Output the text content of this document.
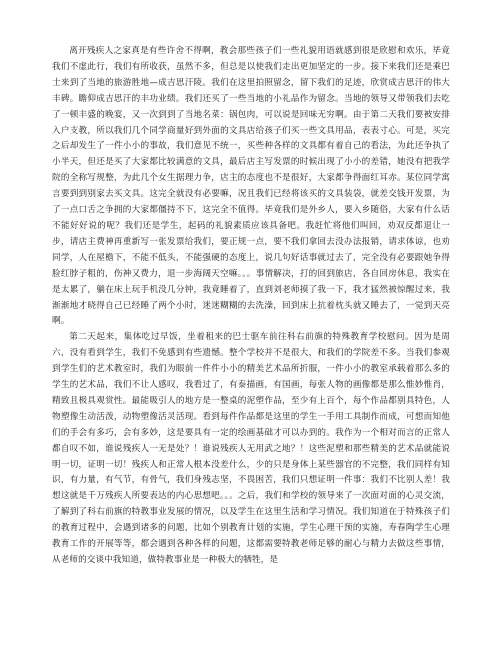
离开残疾人之家真是有些许舍不得啊，教会那些孩子们一些礼貌用语就感到很是欣慰和欢乐，毕竟我们不虚此行，我们有所收获，虽然不多，但总是以使我们走出更加坚定的一步。接下来我们还是乘巴士来到了当地的旅游胜地—成吉思汗陵。我们在这里拍照留念，留下我们的足迹，欣赏成吉思汗的伟大丰碑。瞻仰成吉思汗的丰功业绩。我们还买了一些当地的小礼品作为留念。当地的领导又带领我们去吃了一顿丰盛的晚宴，又一次到到了当地名菜：锅包肉，可以说是回味无穷啊。由于第二天我们要被安排入户支教，所以我们几个同学商量好到外面的文具店给孩子们买一些文具用品，表表寸心。可是，买完之后却发生了一件小小的事故，我们意见不统一，买些种各样的文具都有着自己的看法，为此还争执了小半天，但还是买了大家都比较满意的文具，最后店主写发票的时候出现了小小的差错，她没有把我学院的全称写规整，为此几个女生据理力争，店主的态度也不是很好，大家都争得面红耳赤。某位同学寓言要到到别家去买文具。这完全就没有必要嘛，况且我们已经将该买的文具装袋，就差交钱开发票，为了一点口舌之争拥的大家都僵持不下，这完全不值得。毕竟我们是外乡人，要入乡随俗，大家有什么话不能好好说的呢？我们还是学生，起码的礼貌素质应该具备吧。我赶忙将他们叫回，劝双反都退让一步，请店主费神再重新写一张发票给我们，要正规一点，要不我们拿回去没办法报销，请求体谅，也劝同学，人在屋檐下，不能不低头，不能强硬的态度上，说几句好话事就过去了，完全没有必要跟她争得脸红脖子粗的，伤神又费力，退一步海阔天空嘛。。。事情解决，打的回到旅店，各自回房休息，我实在是太累了，躺在床上玩手机没几分钟，我竟睡着了，直到刘老师摸了我一下，我才猛然被惊醒过来，我渐渐地才晓得自己已经睡了两个小时，迷迷糊糊的去洗澡，回到床上抗着枕头就又睡去了，一觉到天亮啊。

第二天起来，集体吃过早饭，坐着租来的巴士驱车前往科右前旗的特殊教育学校慰问。因为是周六，没有看到学生，我们不免感到有些遗憾。整个学校并不是很大，和我们的学院差不多。当我们参观到学生们的艺术教室时，我们为眼前一件件小小的精美艺术品所折服，一件小小的教室承载着那么多的学生的艺术品，我们不让人感叹，我看过了，有泰描画，有国画，每张人物的画像都是那么惟妙惟肖，精致且极具观赏性。最能吸引人的地方是一整桌的泥塑作品，至少有上百个，每个作品都别具特色，人物塑像生动活泼，动物塑像活灵活现。看到每件作品都是这里的学生一手用工具制作而成，可想而知他们的手会有多巧，会有多妙，这是要具有一定的绘画基础才可以办到的。我作为一个相对而言的正常人都自叹不如，谁说残疾人一无是处？！谁说残疾人无用武之地？！这些泥塑和那些精美的艺术品就能说明一切，证明一切！残疾人和正常人根本没差什么，少的只是身体上某些器官的不完整，我们同样有知识，有力量，有气节，有骨气，我们身残志坚，不畏困苦，我们只想证明一件事：我们不比别人差！我想这就是千万残疾人所要表达的内心思想吧。。。之后，我们和学校的领导来了一次面对面的心灵交流，了解到了科右前旗的特教事业发展的情况，以及学生在这里生活和学习情况。我们知道在于特殊孩子们的教育过程中，会遇到诸多的问题，比如个别教育计划的实施，学生心理干预的实施，寿春陶学生心理教育工作的开展等等，都会遇到各种各样的问题，这都需要特教老师足够的耐心与精力去做这些事情，从老师的交谈中我知道，做特教事业是一种极大的牺牲，是
